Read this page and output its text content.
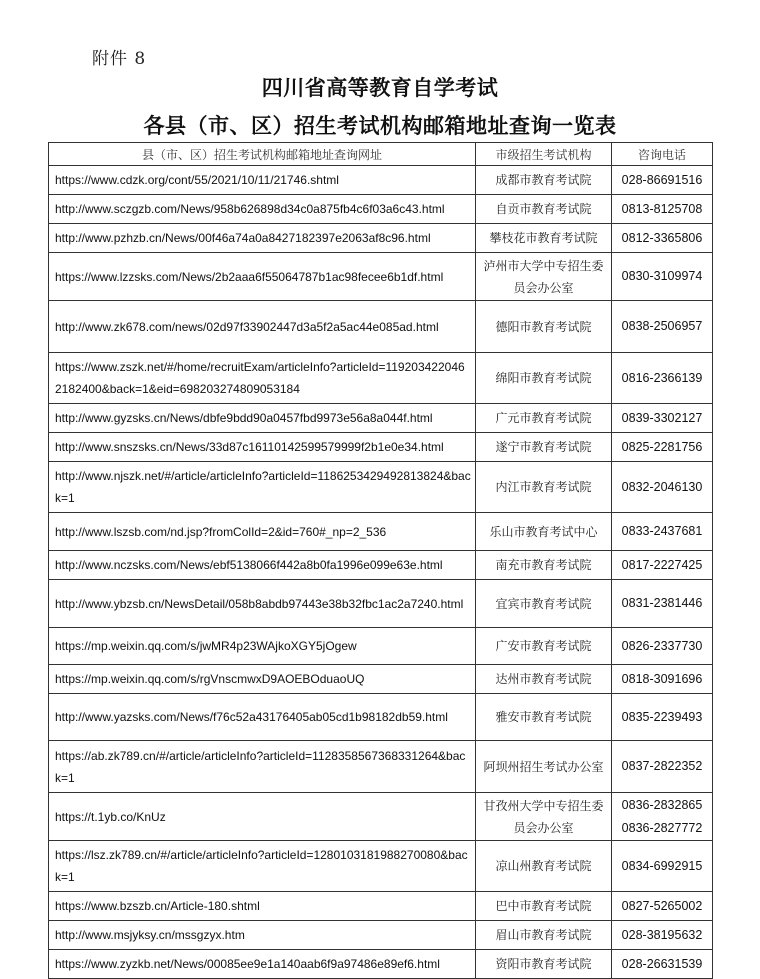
附件 8
四川省高等教育自学考试
各县（市、区）招生考试机构邮箱地址查询一览表
县（市、区）招生考试机构邮箱地址查询网址	市级招生考试机构	咨询电话
https://www.cdzk.org/cont/55/2021/10/11/21746.shtml	成都市教育考试院	028-86691516
http://www.sczgzb.com/News/958b626898d34c0a875fb4c6f03a6c43.html	自贡市教育考试院	0813-8125708
http://www.pzhzb.cn/News/00f46a74a0a8427182397e2063af8c96.html	攀枝花市教育考试院	0812-3365806
https://www.lzzsks.com/News/2b2aaa6f55064787b1ac98fecee6b1df.html	泸州市大学中专招生委员会办公室	0830-3109974
http://www.zk678.com/news/02d97f33902447d3a5f2a5ac44e085ad.html	德阳市教育考试院	0838-2506957
https://www.zszk.net/#/home/recruitExam/articleInfo?articleId=1192034220462182400&back=1&eid=698203274809053184	绵阳市教育考试院	0816-2366139
http://www.gyzsks.cn/News/dbfe9bdd90a0457fbd9973e56a8a044f.html	广元市教育考试院	0839-3302127
http://www.snszsks.cn/News/33d87c16110142599579999f2b1e0e34.html	遂宁市教育考试院	0825-2281756
http://www.njszk.net/#/article/articleInfo?articleId=1186253429492813824&back=1	内江市教育考试院	0832-2046130
http://www.lszsb.com/nd.jsp?fromColId=2&id=760#_np=2_536	乐山市教育考试中心	0833-2437681
http://www.nczsks.com/News/ebf5138066f442a8b0fa1996e099e63e.html	南充市教育考试院	0817-2227425
http://www.ybzsb.cn/NewsDetail/058b8abdb97443e38b32fbc1ac2a7240.html	宜宾市教育考试院	0831-2381446
https://mp.weixin.qq.com/s/jwMR4p23WAjkoXGY5jOgew	广安市教育考试院	0826-2337730
https://mp.weixin.qq.com/s/rgVnscmwxD9AOEBOduaoUQ	达州市教育考试院	0818-3091696
http://www.yazsks.com/News/f76c52a43176405ab05cd1b98182db59.html	雅安市教育考试院	0835-2239493
https://ab.zk789.cn/#/article/articleInfo?articleId=1128358567368331264&back=1	阿坝州招生考试办公室	0837-2822352
https://t.1yb.co/KnUz	甘孜州大学中专招生委员会办公室	0836-2832865 0836-2827772
https://lsz.zk789.cn/#/article/articleInfo?articleId=1280103181988270080&back=1	凉山州教育考试院	0834-6992915
https://www.bzszb.cn/Article-180.shtml	巴中市教育考试院	0827-5265002
http://www.msjyksy.cn/mssgzyx.htm	眉山市教育考试院	028-38195632
https://www.zyzkb.net/News/00085ee9e1a140aab6f9a97486e89ef6.html	资阳市教育考试院	028-26631539
